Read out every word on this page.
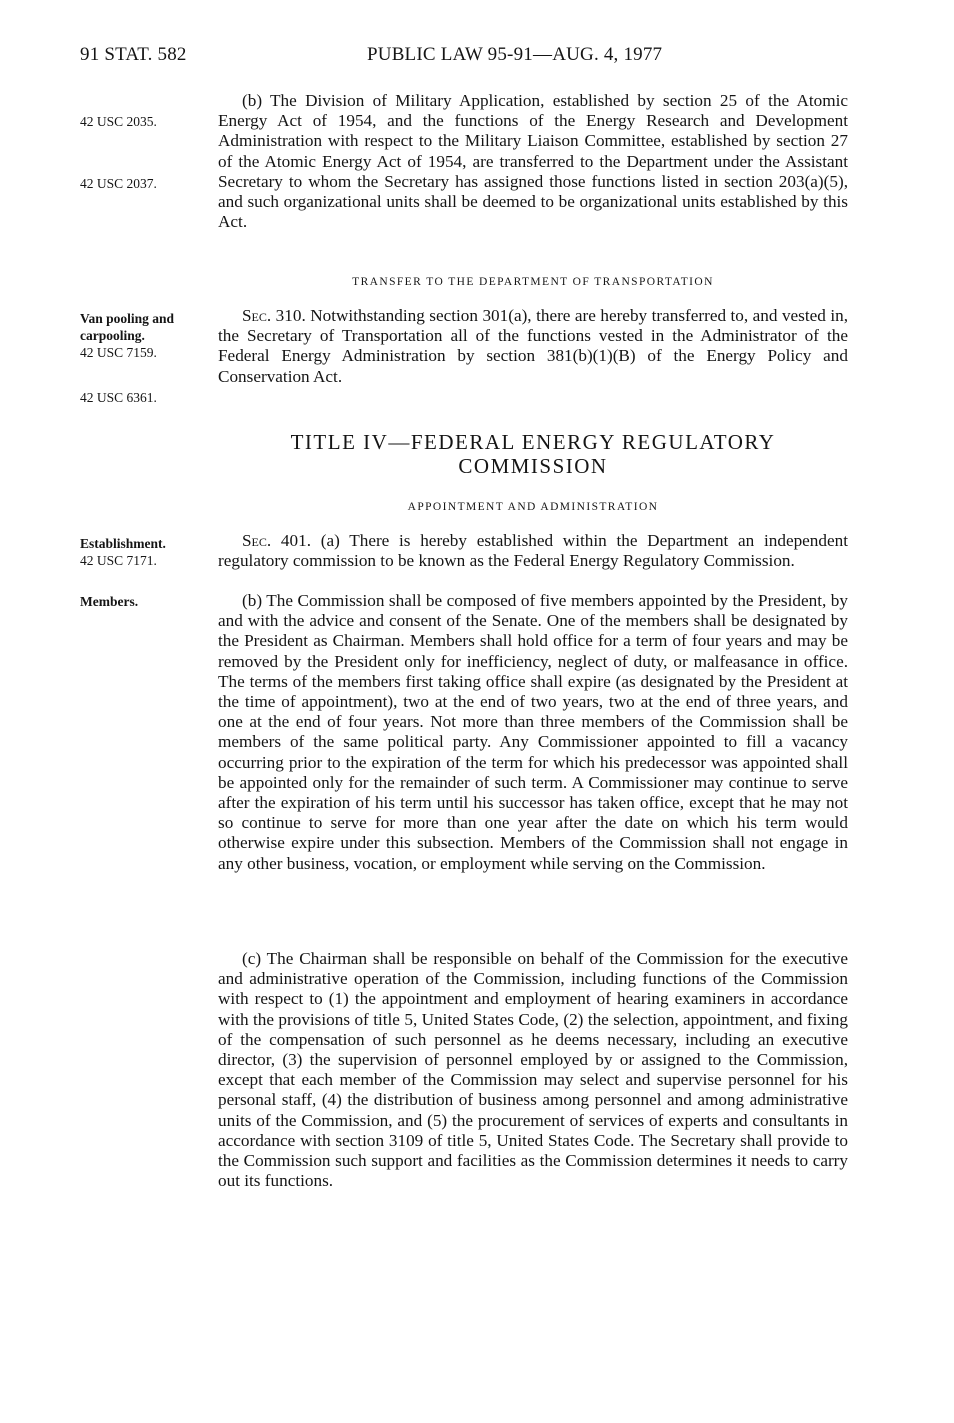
91 STAT. 582	PUBLIC LAW 95-91—AUG. 4, 1977
42 USC 2035.
42 USC 2037.
Van pooling and
carpooling.
42 USC 7159.
42 USC 6361.
Establishment.
42 USC 7171.
Members.

(b) The Division of Military Application, established by section 25 of the Atomic Energy Act of 1954, and the functions of the Energy Research and Development Administration with respect to the Military Liaison Committee, established by section 27 of the Atomic Energy Act of 1954, are transferred to the Department under the Assistant Secretary to whom the Secretary has assigned those functions listed in section 203(a)(5), and such organizational units shall be deemed to be organizational units established by this Act.

TRANSFER TO THE DEPARTMENT OF TRANSPORTATION

Sec. 310. Notwithstanding section 301(a), there are hereby transferred to, and vested in, the Secretary of Transportation all of the functions vested in the Administrator of the Federal Energy Administration by section 381(b)(1)(B) of the Energy Policy and Conservation Act.

TITLE IV—FEDERAL ENERGY REGULATORY
COMMISSION

APPOINTMENT AND ADMINISTRATION

Sec. 401. (a) There is hereby established within the Department an independent regulatory commission to be known as the Federal Energy Regulatory Commission.

(b) The Commission shall be composed of five members appointed by the President, by and with the advice and consent of the Senate. One of the members shall be designated by the President as Chairman. Members shall hold office for a term of four years and may be removed by the President only for inefficiency, neglect of duty, or malfeasance in office. The terms of the members first taking office shall expire (as designated by the President at the time of appointment), two at the end of two years, two at the end of three years, and one at the end of four years. Not more than three members of the Commission shall be members of the same political party. Any Commissioner appointed to fill a vacancy occurring prior to the expiration of the term for which his predecessor was appointed shall be appointed only for the remainder of such term. A Commissioner may continue to serve after the expiration of his term until his successor has taken office, except that he may not so continue to serve for more than one year after the date on which his term would otherwise expire under this subsection. Members of the Commission shall not engage in any other business, vocation, or employment while serving on the Commission.

(c) The Chairman shall be responsible on behalf of the Commission for the executive and administrative operation of the Commission, including functions of the Commission with respect to (1) the appointment and employment of hearing examiners in accordance with the provisions of title 5, United States Code, (2) the selection, appointment, and fixing of the compensation of such personnel as he deems necessary, including an executive director, (3) the supervision of personnel employed by or assigned to the Commission, except that each member of the Commission may select and supervise personnel for his personal staff, (4) the distribution of business among personnel and among administrative units of the Commission, and (5) the procurement of services of experts and consultants in accordance with section 3109 of title 5, United States Code. The Secretary shall provide to the Commission such support and facilities as the Commission determines it needs to carry out its functions.
